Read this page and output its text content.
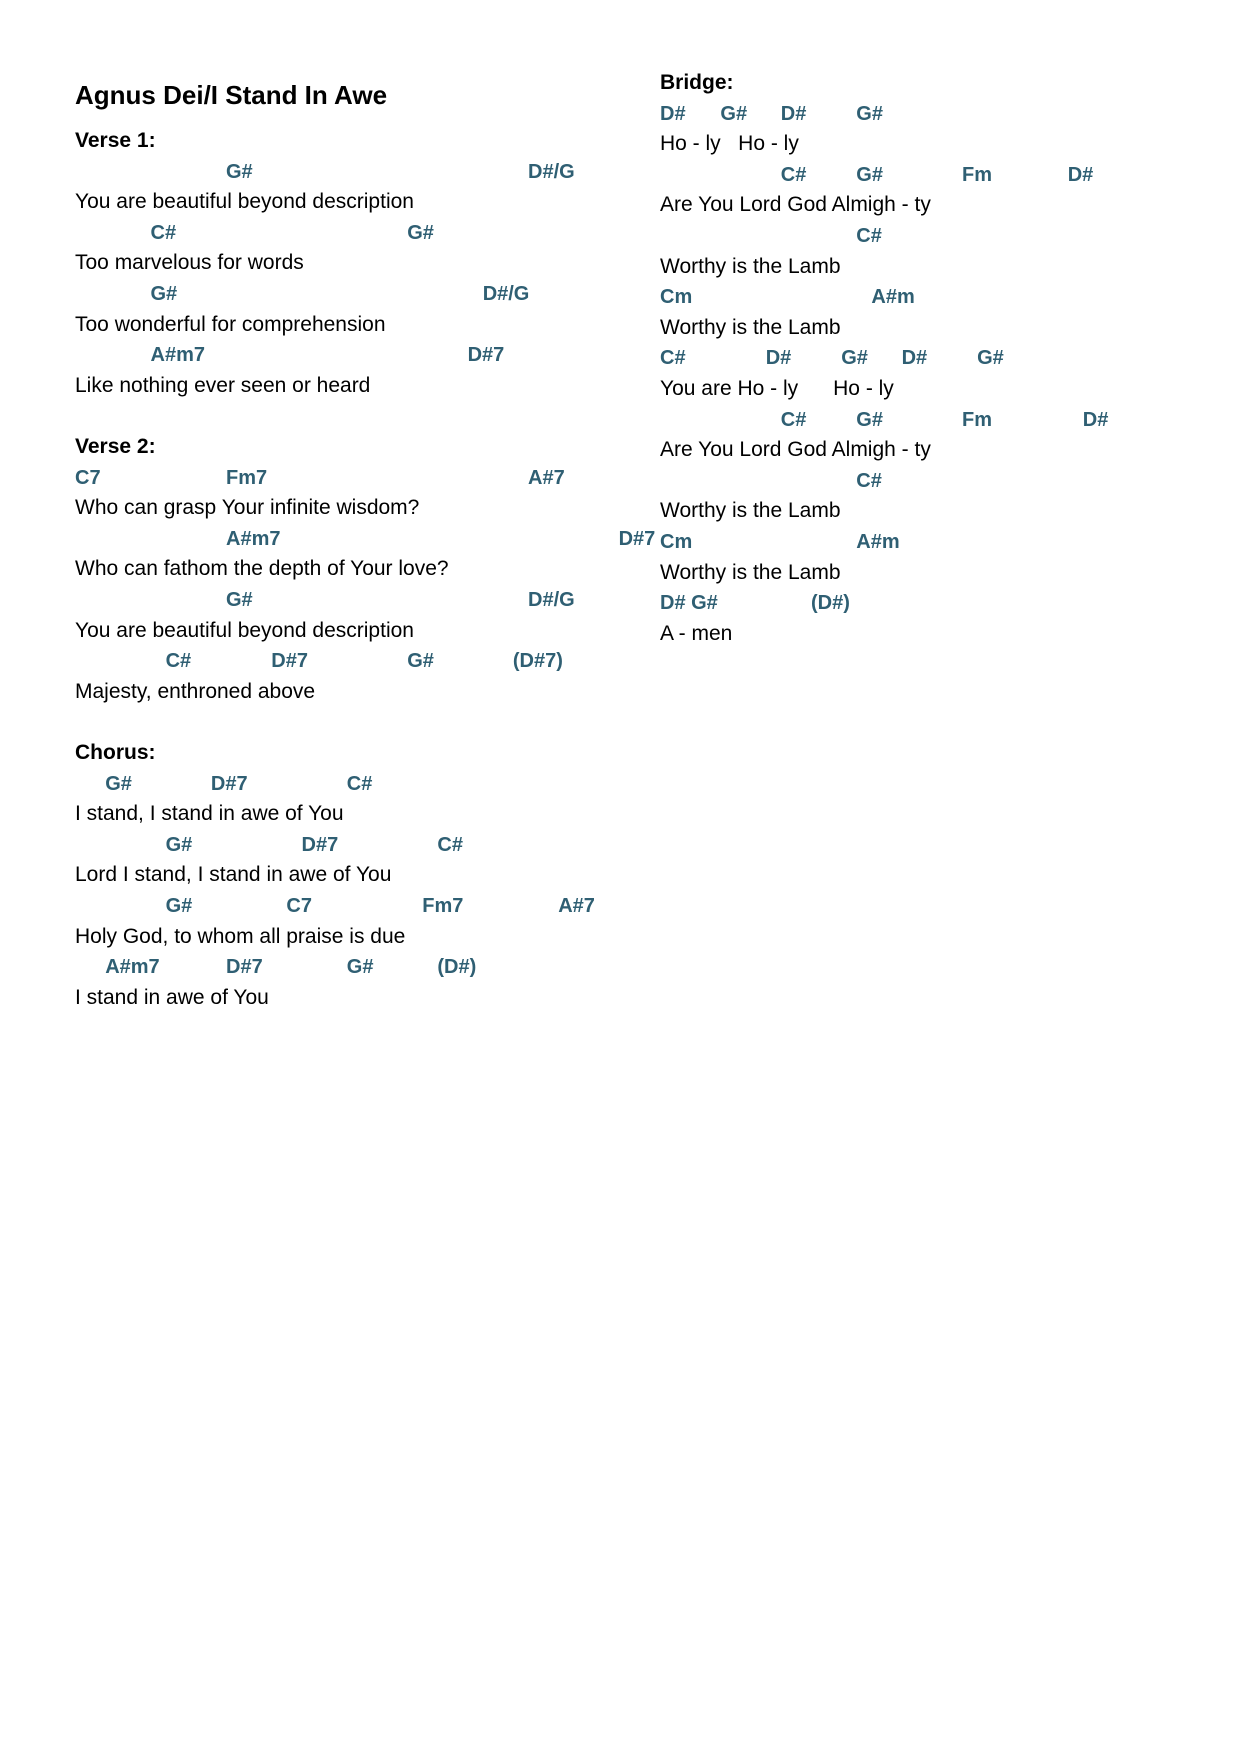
Agnus Dei/I Stand In Awe
Verse 1:
G#	D#/G
You are beautiful beyond description
C#	G#
Too marvelous for words
G#	D#/G
Too wonderful for comprehension
A#m7	D#7
Like nothing ever seen or heard
Verse 2:
C7	Fm7	A#7
Who can grasp Your infinite wisdom?
A#m7	D#7
Who can fathom the depth of Your love?
G#	D#/G
You are beautiful beyond description
C#	D#7	G#	(D#7)
Majesty, enthroned above
Chorus:
G#	D#7	C#
I stand, I stand in awe of You
G#	D#7	C#
Lord I stand, I stand in awe of You
G#	C7	Fm7	A#7
Holy God, to whom all praise is due
A#m7	D#7	G#	(D#)
I stand in awe of You
Bridge:
D# G# D# G#
Ho - ly   Ho - ly
C# G#	Fm	D#
Are You Lord God Almigh - ty
C#
Worthy is the Lamb
Cm	A#m
Worthy is the Lamb
C#	D# G# D# G#
You are Ho - ly      Ho - ly
C# G#	Fm	D#
Are You Lord God Almigh - ty
C#
Worthy is the Lamb
Cm	A#m
Worthy is the Lamb
D# G#	(D#)
A - men
